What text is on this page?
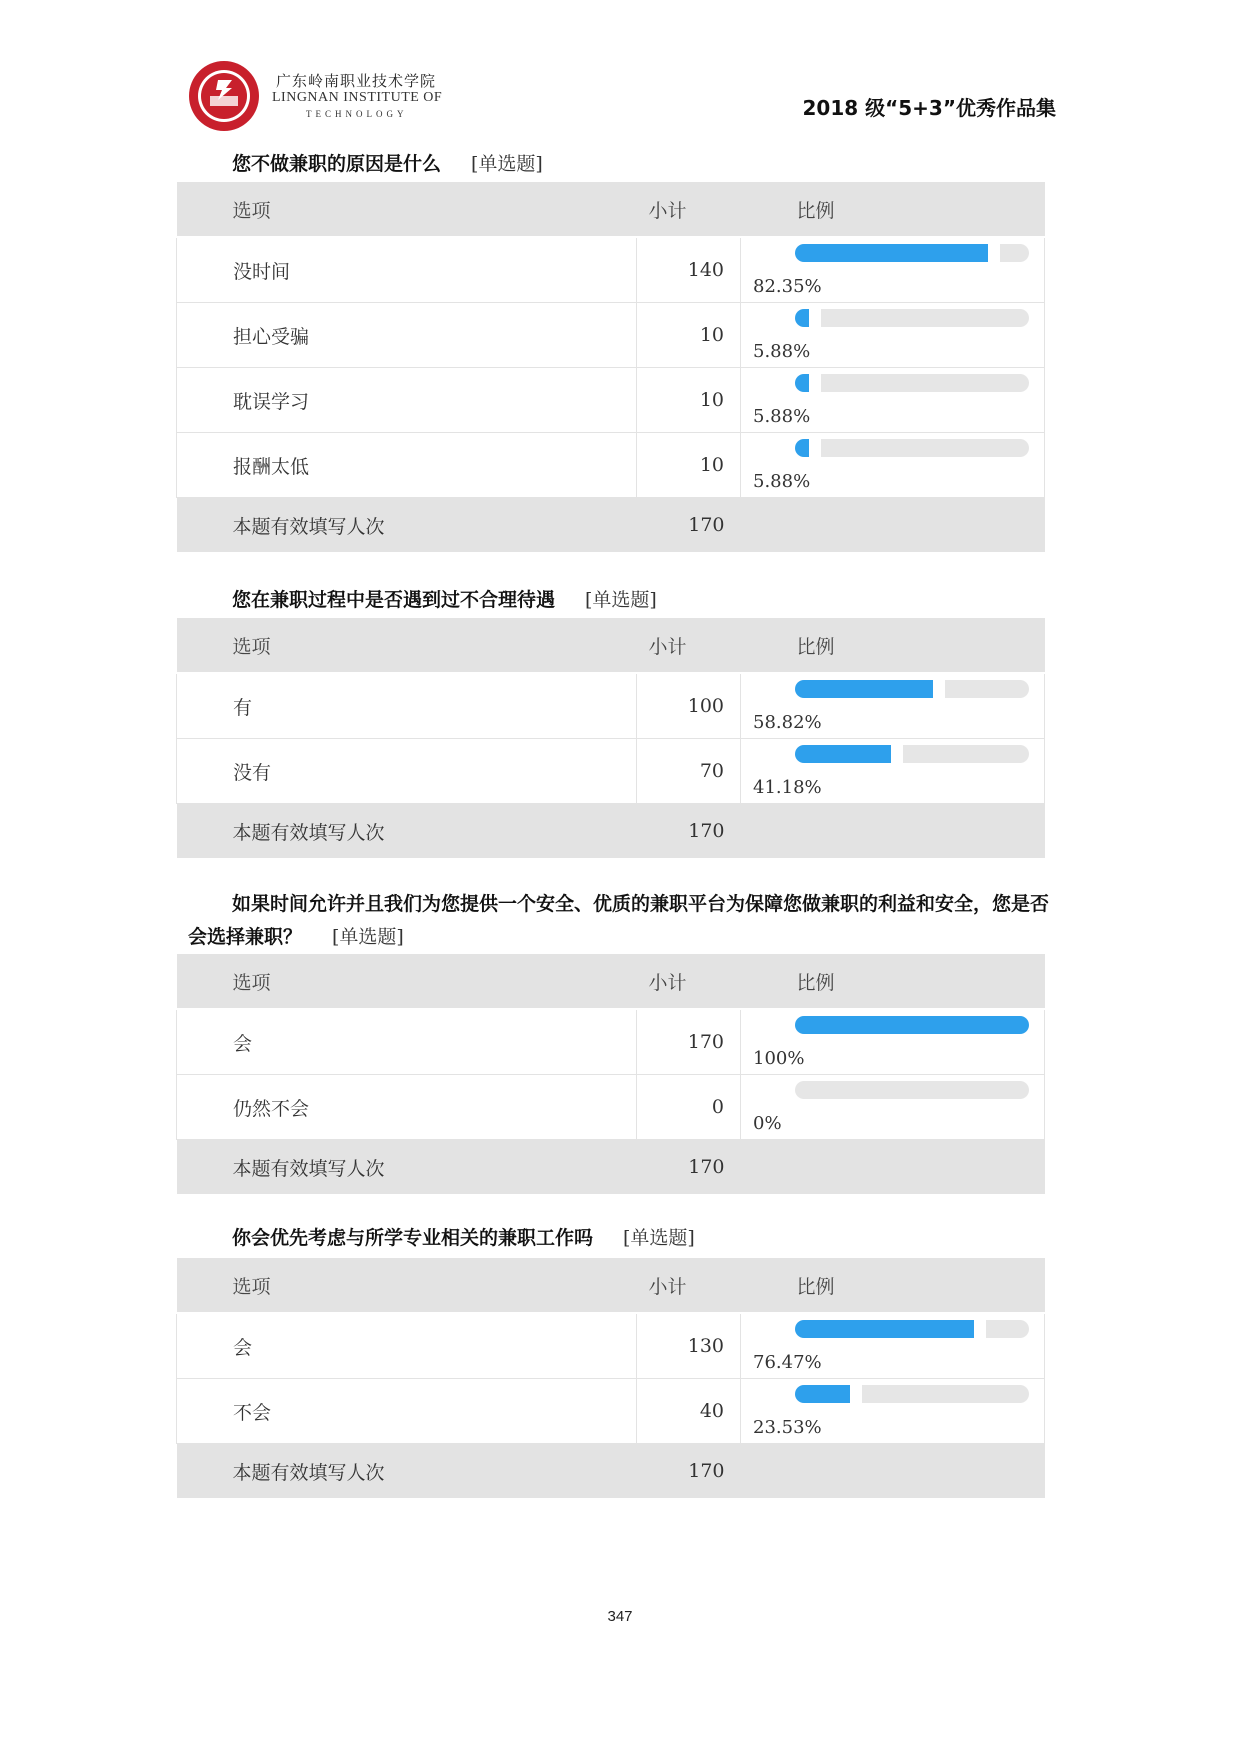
广东岭南职业技术学院
LINGNAN INSTITUTE OF
TECHNOLOGY	2018 级“5+3”优秀作品集
您不做兼职的原因是什么 [单选题]
选项	小计	比例
没时间	140	82.35%

担心受骗	10	5.88%

耽误学习	10	5.88%

报酬太低	10	5.88%

本题有效填写人次	170	
您在兼职过程中是否遇到过不合理待遇 [单选题]
选项	小计	比例
有	100	58.82%

没有	70	41.18%

本题有效填写人次	170	
如果时间允许并且我们为您提供一个安全、优质的兼职平台为保障您做兼职的利益和安全，您是否会选择兼职？ [单选题]
选项	小计	比例
会	170	100%

仍然不会	0	0%

本题有效填写人次	170	
你会优先考虑与所学专业相关的兼职工作吗 [单选题]
选项	小计	比例
会	130	76.47%

不会	40	23.53%

本题有效填写人次	170	
347
